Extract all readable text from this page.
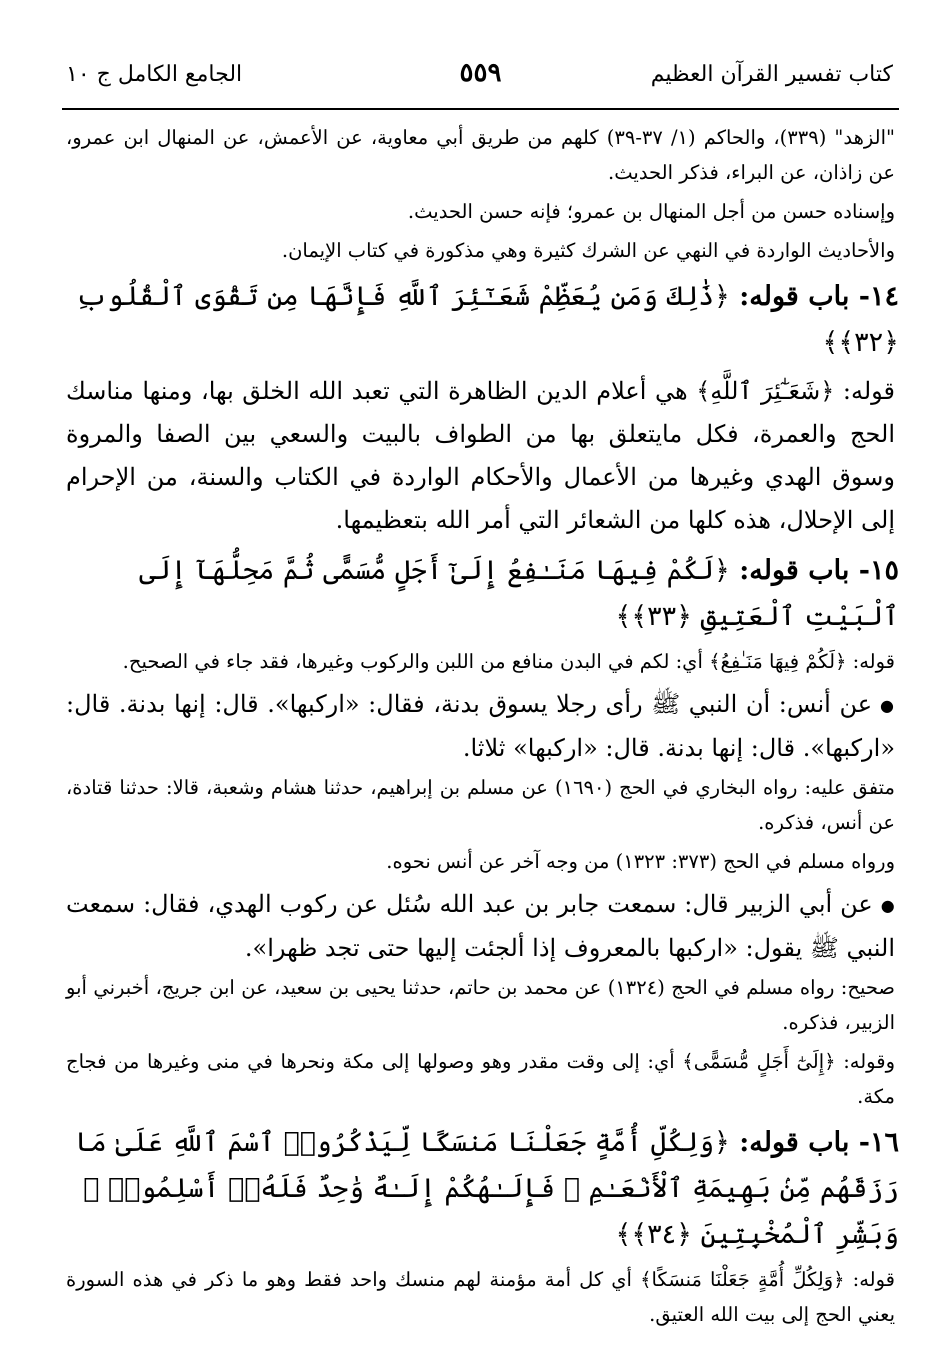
كتاب تفسير القرآن العظيم
٥٥٩
الجامع الكامل ج ١٠

"الزهد" (٣٣٩)، والحاكم (١/ ٣٧-٣٩) كلهم من طريق أبي معاوية، عن الأعمش، عن المنهال ابن عمرو، عن زاذان، عن البراء، فذكر الحديث.

وإسناده حسن من أجل المنهال بن عمرو؛ فإنه حسن الحديث.

والأحاديث الواردة في النهي عن الشرك كثيرة وهي مذكورة في كتاب الإيمان.

١٤- باب قوله: ﴿ذَٰلِكَ وَمَن يُعَظِّمْ شَعَـٰٓئِرَ ٱللَّهِ فَإِنَّهَا مِن تَقْوَى ٱلْقُلُوبِ ﴿٣٢﴾﴾

قوله: ﴿شَعَـٰٓئِرَ ٱللَّهِ﴾ هي أعلام الدين الظاهرة التي تعبد الله الخلق بها، ومنها مناسك الحج والعمرة، فكل مايتعلق بها من الطواف بالبيت والسعي بين الصفا والمروة وسوق الهدي وغيرها من الأعمال والأحكام الواردة في الكتاب والسنة، من الإحرام إلى الإحلال، هذه كلها من الشعائر التي أمر الله بتعظيمها.

١٥- باب قوله: ﴿لَكُمْ فِيهَا مَنَـٰفِعُ إِلَىٰٓ أَجَلٍ مُّسَمًّى ثُمَّ مَحِلُّهَآ إِلَى ٱلْبَيْتِ ٱلْعَتِيقِ ﴿٣٣﴾﴾

قوله: ﴿لَكُمْ فِيهَا مَنَـٰفِعُ﴾ أي: لكم في البدن منافع من اللبن والركوب وغيرها، فقد جاء في الصحيح.

●عن أنس: أن النبي ﷺ رأى رجلا يسوق بدنة، فقال: «اركبها». قال: إنها بدنة. قال: «اركبها». قال: إنها بدنة. قال: «اركبها» ثلاثا.

متفق عليه: رواه البخاري في الحج (١٦٩٠) عن مسلم بن إبراهيم، حدثنا هشام وشعبة، قالا: حدثنا قتادة، عن أنس، فذكره.

ورواه مسلم في الحج (٣٧٣: ١٣٢٣) من وجه آخر عن أنس نحوه.

●عن أبي الزبير قال: سمعت جابر بن عبد الله سُئل عن ركوب الهدي، فقال: سمعت النبي ﷺ يقول: «اركبها بالمعروف إذا ألجئت إليها حتى تجد ظهرا».

صحيح: رواه مسلم في الحج (١٣٢٤) عن محمد بن حاتم، حدثنا يحيى بن سعيد، عن ابن جريج، أخبرني أبو الزبير، فذكره.

وقوله: ﴿إِلَىٰٓ أَجَلٍ مُّسَمًّى﴾ أي: إلى وقت مقدر وهو وصولها إلى مكة ونحرها في منى وغيرها من فجاج مكة.

١٦- باب قوله: ﴿وَلِكُلِّ أُمَّةٍ جَعَلْنَا مَنسَكًا لِّيَذْكُرُوا۟ ٱسْمَ ٱللَّهِ عَلَىٰ مَا رَزَقَهُم مِّنۢ بَهِيمَةِ ٱلْأَنْعَـٰمِ ۗ فَإِلَـٰهُكُمْ إِلَـٰهٌ وَٰحِدٌ فَلَهُۥٓ أَسْلِمُوا۟ ۗ وَبَشِّرِ ٱلْمُخْبِتِينَ ﴿٣٤﴾﴾

قوله: ﴿وَلِكُلِّ أُمَّةٍ جَعَلْنَا مَنسَكًا﴾ أي كل أمة مؤمنة لهم منسك واحد فقط وهو ما ذكر في هذه السورة يعني الحج إلى بيت الله العتيق.
